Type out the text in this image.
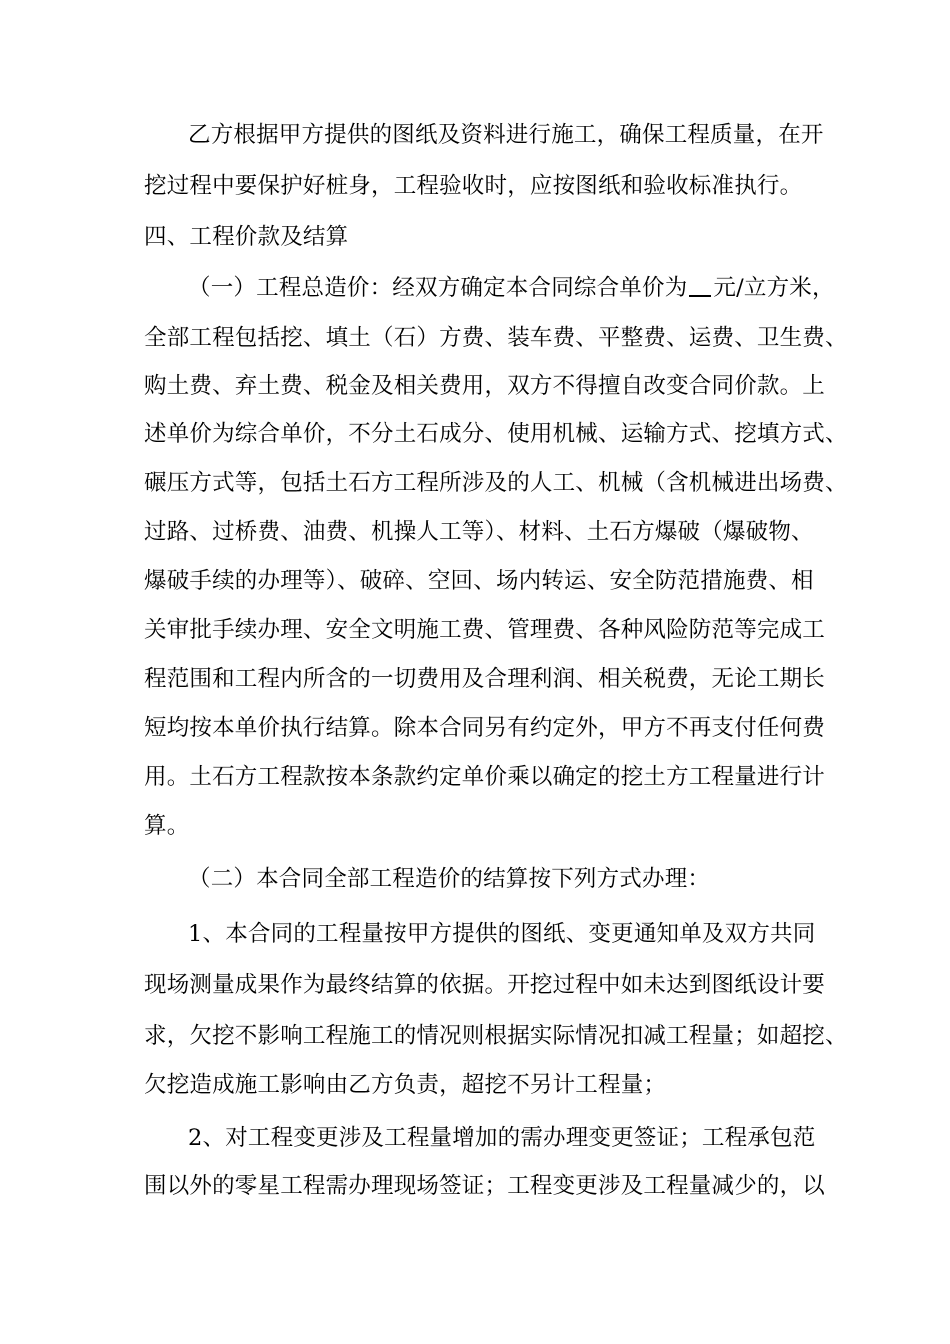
乙方根据甲方提供的图纸及资料进行施工，确保工程质量，在开
挖过程中要保护好桩身，工程验收时，应按图纸和验收标准执行。
四、工程价款及结算
（一）工程总造价：经双方确定本合同综合单价为 元/立方米，
全部工程包括挖、填土（石）方费、装车费、平整费、运费、卫生费、
购土费、弃土费、税金及相关费用，双方不得擅自改变合同价款。上
述单价为综合单价，不分土石成分、使用机械、运输方式、挖填方式、
碾压方式等，包括土石方工程所涉及的人工、机械（含机械进出场费、
过路、过桥费、油费、机操人工等）、材料、土石方爆破（爆破物、
爆破手续的办理等）、破碎、空回、场内转运、安全防范措施费、相
关审批手续办理、安全文明施工费、管理费、各种风险防范等完成工
程范围和工程内所含的一切费用及合理利润、相关税费，无论工期长
短均按本单价执行结算。除本合同另有约定外，甲方不再支付任何费
用。土石方工程款按本条款约定单价乘以确定的挖土方工程量进行计
算。
（二）本合同全部工程造价的结算按下列方式办理：
1、本合同的工程量按甲方提供的图纸、变更通知单及双方共同
现场测量成果作为最终结算的依据。开挖过程中如未达到图纸设计要
求，欠挖不影响工程施工的情况则根据实际情况扣减工程量；如超挖、
欠挖造成施工影响由乙方负责，超挖不另计工程量；
2、对工程变更涉及工程量增加的需办理变更签证；工程承包范
围以外的零星工程需办理现场签证；工程变更涉及工程量减少的，以
